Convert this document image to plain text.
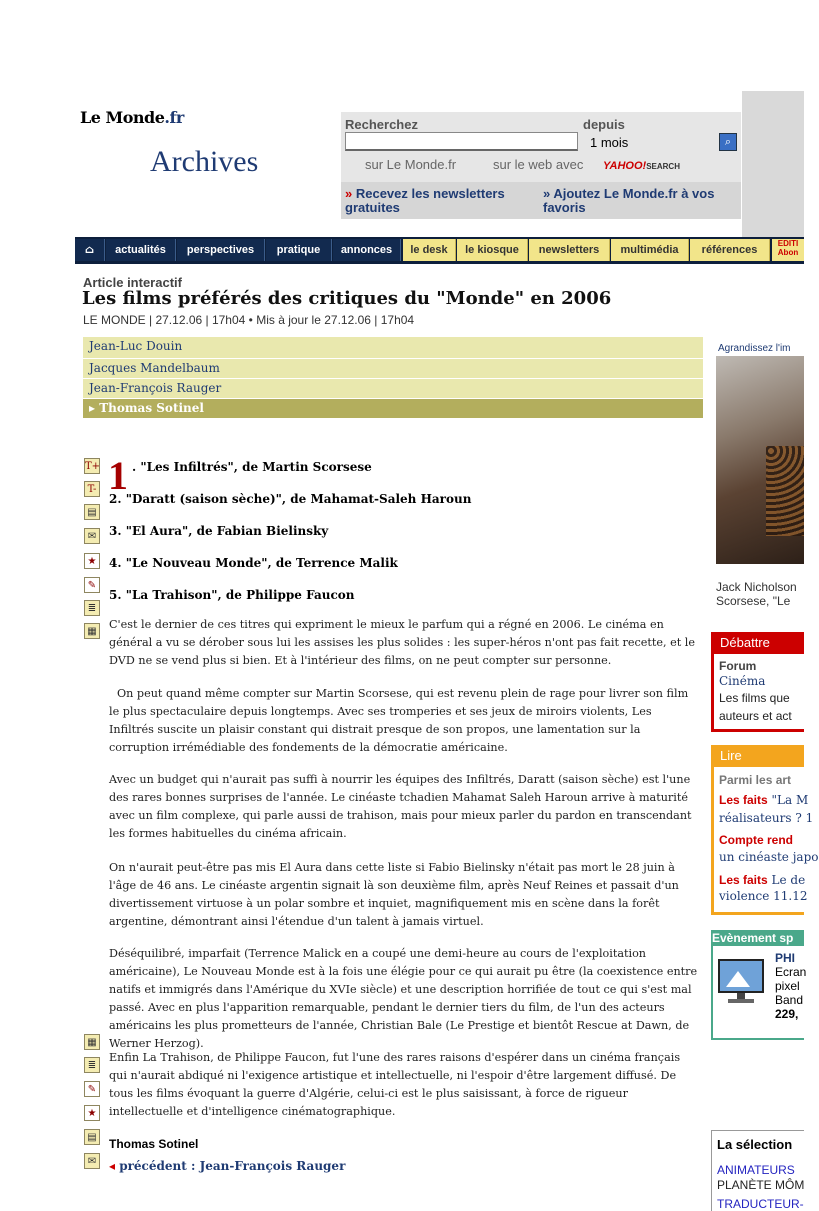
Le Monde.fr
Archives
Recherchez	depuis
1 mois	⌕
sur Le Monde.fr	sur le web avec YAHOO!SEARCH
» Recevez les newsletters gratuites
» Ajoutez Le Monde.fr à vos favoris
⌂	actualités	perspectives	pratique	annonces	le desk	le kiosque	newsletters	multimédia	références
EDITI
Abon
Article interactif
Les films préférés des critiques du "Monde" en 2006
LE MONDE | 27.12.06 | 17h04 • Mis à jour le 27.12.06 | 17h04
Jean-Luc Douin
Jacques Mandelbaum
Jean-François Rauger
▸ Thomas Sotinel
T+
T-
▤
✉
★
✎
≣
▦
1 . "Les Infiltrés", de Martin Scorsese
2. "Daratt (saison sèche)", de Mahamat-Saleh Haroun
3. "El Aura", de Fabian Bielinsky
4. "Le Nouveau Monde", de Terrence Malik
5. "La Trahison", de Philippe Faucon
C'est le dernier de ces titres qui expriment le mieux le parfum qui a régné en 2006. Le cinéma en général a vu se dérober sous lui les assises les plus solides : les super-héros n'ont pas fait recette, et le DVD ne se vend plus si bien. Et à l'intérieur des films, on ne peut compter sur personne.
On peut quand même compter sur Martin Scorsese, qui est revenu plein de rage pour livrer son film le plus spectaculaire depuis longtemps. Avec ses tromperies et ses jeux de miroirs violents, Les Infiltrés suscite un plaisir constant qui distrait presque de son propos, une lamentation sur la corruption irrémédiable des fondements de la démocratie américaine.
Avec un budget qui n'aurait pas suffi à nourrir les équipes des Infiltrés, Daratt (saison sèche) est l'une des rares bonnes surprises de l'année. Le cinéaste tchadien Mahamat Saleh Haroun arrive à maturité avec un film complexe, qui parle aussi de trahison, mais pour mieux parler du pardon en transcendant les formes habituelles du cinéma africain.
On n'aurait peut-être pas mis El Aura dans cette liste si Fabio Bielinsky n'était pas mort le 28 juin à l'âge de 46 ans. Le cinéaste argentin signait là son deuxième film, après Neuf Reines et passait d'un divertissement virtuose à un polar sombre et inquiet, magnifiquement mis en scène dans la forêt argentine, démontrant ainsi l'étendue d'un talent à jamais virtuel.
Déséquilibré, imparfait (Terrence Malick en a coupé une demi-heure au cours de l'exploitation américaine), Le Nouveau Monde est à la fois une élégie pour ce qui aurait pu être (la coexistence entre natifs et immigrés dans l'Amérique du XVIe siècle) et une description horrifiée de tout ce qui s'est mal passé. Avec en plus l'apparition remarquable, pendant le dernier tiers du film, de l'un des acteurs américains les plus prometteurs de l'année, Christian Bale (Le Prestige et bientôt Rescue at Dawn, de Werner Herzog).
Enfin La Trahison, de Philippe Faucon, fut l'une des rares raisons d'espérer dans un cinéma français qui n'aurait abdiqué ni l'exigence artistique et intellectuelle, ni l'espoir d'être largement diffusé. De tous les films évoquant la guerre d'Algérie, celui-ci est le plus saisissant, à force de rigueur intellectuelle et d'intelligence cinématographique.
▦
≣
✎
★
▤
✉
Thomas Sotinel
◂ précédent : Jean-François Rauger
Agrandissez l'im
Jack Nicholson
Scorsese, "Le
Débattre
Forum
Cinéma
Les films que
auteurs et act
Lire
Parmi les art
Les faits "La M
réalisateurs ? 1
Compte rend
un cinéaste japo
Les faits Le de
violence 11.12
Evènement sp
PHI
Ecran
pixel
Band
229,
La sélection
ANIMATEURS
PLANÈTE MÔM
TRADUCTEUR-
